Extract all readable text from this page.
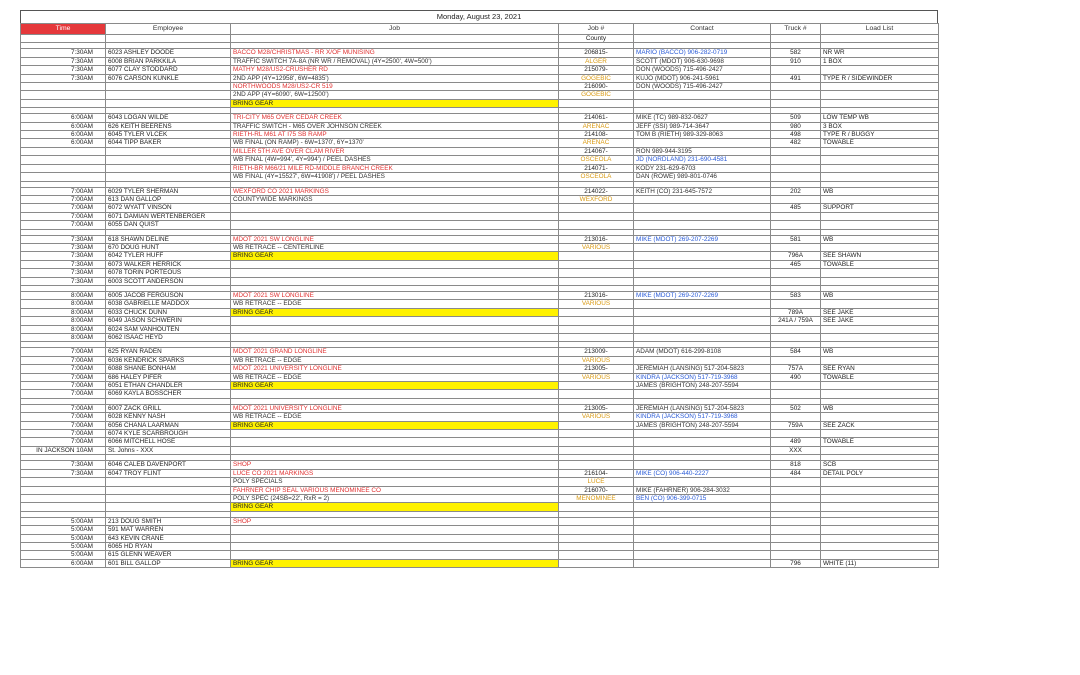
Monday, August 23, 2021
Time	Employee	Job	Job #	Contact	Truck #	Load List
			County			

7:30AM	6023 ASHLEY DOODE	BACCO M28/CHRISTMAS - RR X/OF MUNISING	206815-	MARIO (BACCO) 906-282-0719	582	NR WR
7:30AM	6008 BRIAN PARKKILA	TRAFFIC SWITCH 7A-8A (NR WR / REMOVAL) (4Y=2500', 4W=500')	ALGER	SCOTT (MDOT) 906-630-9698	910	1 BOX
7:30AM	6077 CLAY STODDARD	MATHY M28/US2-CRUSHER RD	215079-	DON (WOODS) 715-496-2427		
7:30AM	6076 CARSON KUNKLE	2ND APP (4Y=12958', 6W=4835')	GOGEBIC	KUJO (MDOT) 906-241-5961	491	TYPE R / SIDEWINDER
		NORTHWOODS M28/US2-CR 519	216090-	DON (WOODS) 715-496-2427		
		2ND APP (4Y=6090', 6W=12500')	GOGEBIC			
		BRING GEAR				

6:00AM	6043 LOGAN WILDE	TRI-CITY M65 OVER CEDAR CREEK	214061-	MIKE (TC) 989-832-0627	509	LOW TEMP WB
6:00AM	626 KEITH BEERENS	TRAFFIC SWITCH - M65 OVER JOHNSON CREEK	ARENAC	JEFF (SSI) 989-714-3647	980	3 BOX
6:00AM	6045 TYLER VLCEK	RIETH-RL M61 AT I75 SB RAMP	214108-	TOM B (RIETH) 989-329-8063	498	TYPE R / BUGGY
6:00AM	6044 TIPP BAKER	WB FINAL (ON RAMP) - 6W=1370', 6Y=1370'	ARENAC		482	TOWABLE
		MILLER 5TH AVE OVER CLAM RIVER	214067-	RON 989-944-3195		
		WB FINAL (4W=994', 4Y=994') / PEEL DASHES	OSCEOLA	JD (NORDLAND) 231-690-4581		
		RIETH-BR M66/21 MILE RD-MIDDLE BRANCH CREEK	214071-	KODY 231-629-6703		
		WB FINAL (4Y=15527', 6W=41908') / PEEL DASHES	OSCEOLA	DAN (ROWE) 989-801-0746		

7:00AM	6029 TYLER SHERMAN	WEXFORD CO 2021 MARKINGS	214022-	KEITH (CO) 231-645-7572	202	WB
7:00AM	613 DAN GALLOP	COUNTYWIDE MARKINGS	WEXFORD			
7:00AM	6072 WYATT VINSON				485	SUPPORT
7:00AM	6071 DAMIAN WERTENBERGER					
7:00AM	6055 DAN QUIST					

7:30AM	618 SHAWN DELINE	MDOT 2021 SW LONGLINE	213016-	MIKE (MDOT) 269-207-2269	581	WB
7:30AM	670 DOUG HUNT	WB RETRACE -- CENTERLINE	VARIOUS			
7:30AM	6042 TYLER HUFF	BRING GEAR			796A	SEE SHAWN
7:30AM	6073 WALKER HERRICK				465	TOWABLE
7:30AM	6078 TORIN PORTEOUS					
7:30AM	6003 SCOTT ANDERSON					

8:00AM	6005 JACOB FERGUSON	MDOT 2021 SW LONGLINE	213016-	MIKE (MDOT) 269-207-2269	583	WB
8:00AM	6038 GABRIELLE MADDOX	WB RETRACE -- EDGE	VARIOUS			
8:00AM	6033 CHUCK DUNN	BRING GEAR			789A	SEE JAKE
8:00AM	6049 JASON SCHWERIN				241A / 759A	SEE JAKE
8:00AM	6024 SAM VANHOUTEN					
8:00AM	6062 ISAAC HEYD					

7:00AM	625 RYAN RADEN	MDOT 2021 GRAND LONGLINE	213009-	ADAM (MDOT) 616-299-8108	584	WB
7:00AM	6036 KENDRICK SPARKS	WB RETRACE -- EDGE	VARIOUS			
7:00AM	6088 SHANE BONHAM	MDOT 2021 UNIVERSITY LONGLINE	213005-	JEREMIAH (LANSING) 517-204-5823	757A	SEE RYAN
7:00AM	686 HALEY PIFER	WB RETRACE -- EDGE	VARIOUS	KINDRA (JACKSON) 517-719-3968	490	TOWABLE
7:00AM	6051 ETHAN CHANDLER	BRING GEAR		JAMES (BRIGHTON) 248-207-5594		
7:00AM	6069 KAYLA BOSSCHER					

7:00AM	6007 ZACK GRILL	MDOT 2021 UNIVERSITY LONGLINE	213005-	JEREMIAH (LANSING) 517-204-5823	502	WB
7:00AM	6028 KENNY NASH	WB RETRACE -- EDGE	VARIOUS	KINDRA (JACKSON) 517-719-3968		
7:00AM	6056 CHANA LAARMAN	BRING GEAR		JAMES (BRIGHTON) 248-207-5594	759A	SEE ZACK
7:00AM	6074 KYLE SCARBROUGH					
7:00AM	6066 MITCHELL HOSE				489	TOWABLE
IN JACKSON 10AM	St. Johns - XXX				XXX	

7:30AM	6046 CALEB DAVENPORT	SHOP			818	SCB
7:30AM	6047 TROY FLINT	LUCE CO 2021 MARKINGS	216104-	MIKE (CO) 906-440-2227	484	DETAIL POLY
		POLY SPECIALS	LUCE			
		FAHRNER CHIP SEAL VARIOUS MENOMINEE CO	216070-	MIKE (FAHRNER) 906-284-3032		
		POLY SPEC (24SB=22', RxR = 2)	MENOMINEE	BEN (CO) 906-399-0715		
		BRING GEAR				

5:00AM	213 DOUG SMITH	SHOP				
5:00AM	591 MAT WARREN					
5:00AM	643 KEVIN CRANE					
5:00AM	6065 HD RYAN					
5:00AM	615 GLENN WEAVER					
6:00AM	601 BILL GALLOP	BRING GEAR			796	WHITE (11)
